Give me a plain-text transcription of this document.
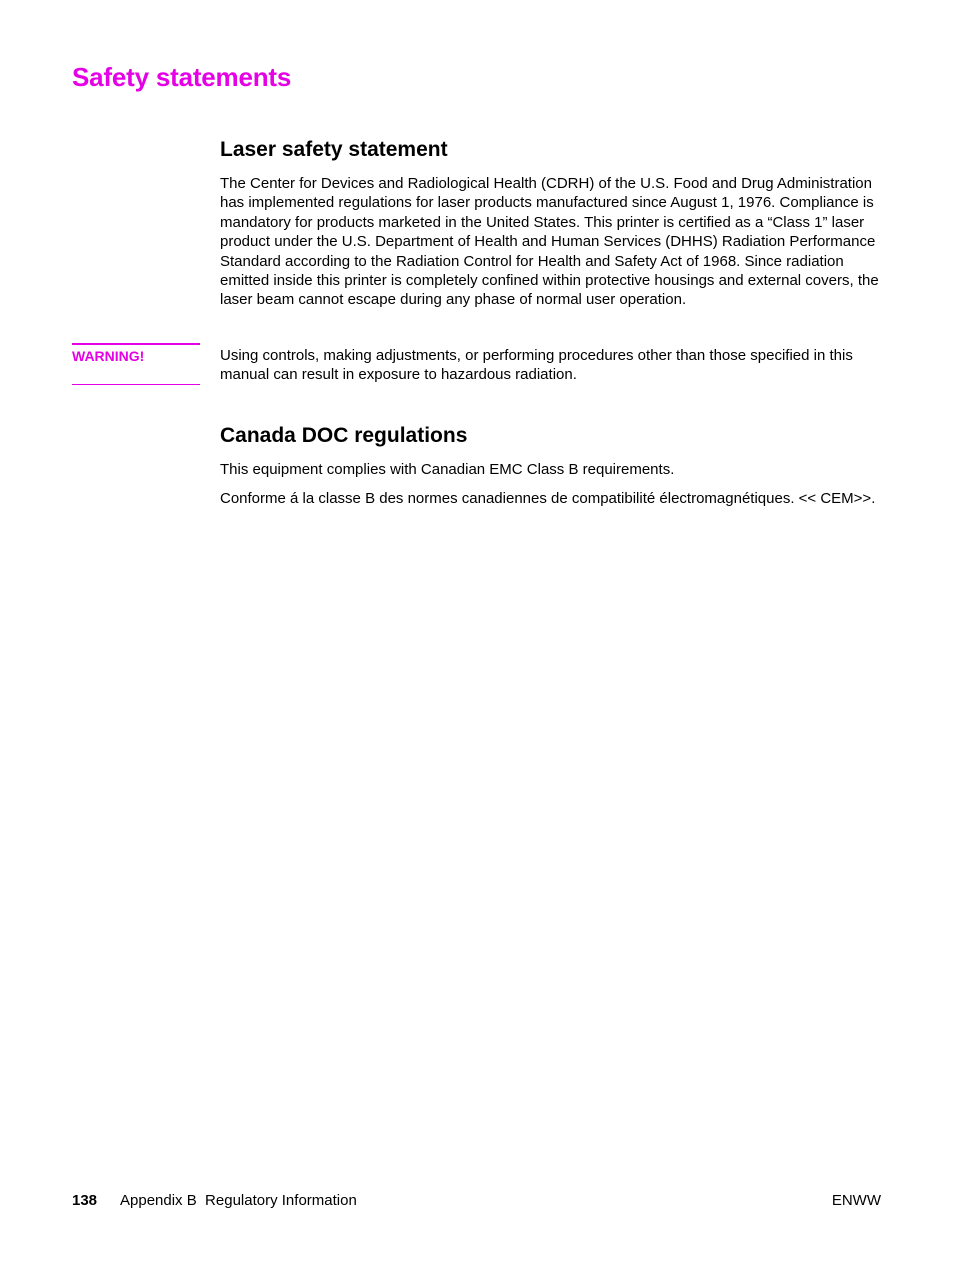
Safety statements
Laser safety statement

The Center for Devices and Radiological Health (CDRH) of the U.S. Food and Drug Administration has implemented regulations for laser products manufactured since August 1, 1976. Compliance is mandatory for products marketed in the United States. This printer is certified as a “Class 1” laser product under the U.S. Department of Health and Human Services (DHHS) Radiation Performance Standard according to the Radiation Control for Health and Safety Act of 1968. Since radiation emitted inside this printer is completely confined within protective housings and external covers, the laser beam cannot escape during any phase of normal user operation.

WARNING!	Using controls, making adjustments, or performing procedures other than those specified in this manual can result in exposure to hazardous radiation.

Canada DOC regulations

This equipment complies with Canadian EMC Class B requirements.

Conforme á la classe B des normes canadiennes de compatibilité électromagnétiques. << CEM>>.

138 Appendix B  Regulatory Information	ENWW
